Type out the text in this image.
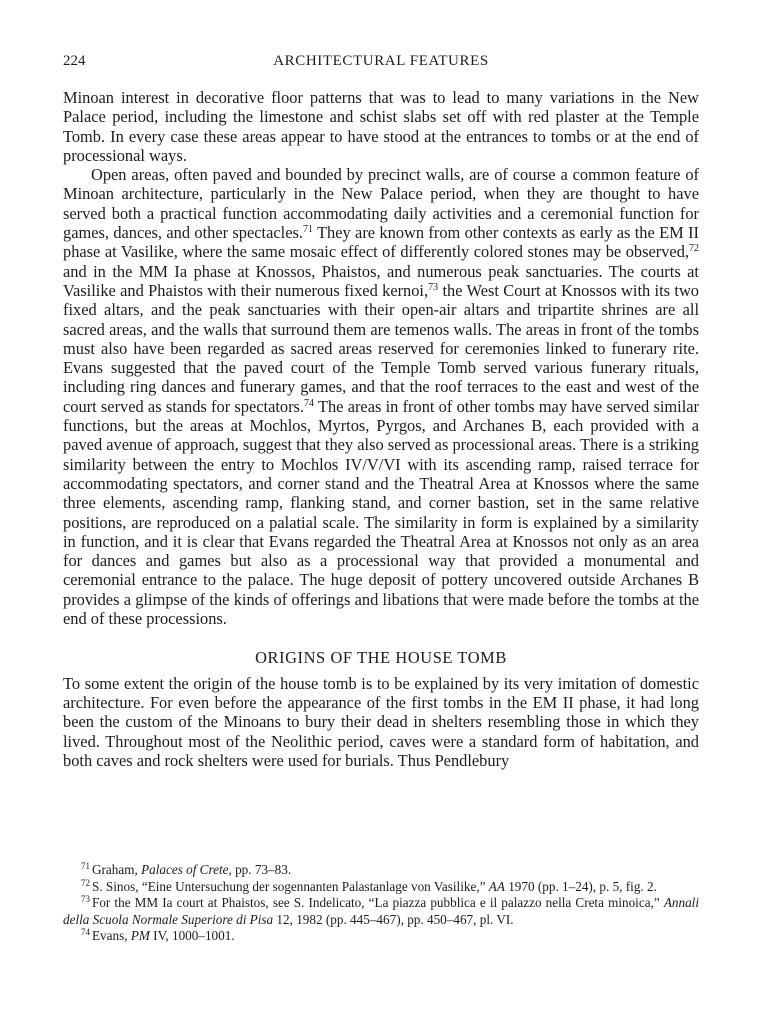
224	ARCHITECTURAL FEATURES

Minoan interest in decorative floor patterns that was to lead to many variations in the New Palace period, including the limestone and schist slabs set off with red plaster at the Temple Tomb. In every case these areas appear to have stood at the entrances to tombs or at the end of processional ways.

Open areas, often paved and bounded by precinct walls, are of course a common feature of Minoan architecture, particularly in the New Palace period, when they are thought to have served both a practical function accommodating daily activities and a ceremonial function for games, dances, and other spectacles.$^{71}$ They are known from other contexts as early as the EM II phase at Vasilike, where the same mosaic effect of differently colored stones may be observed,$^{72}$ and in the MM Ia phase at Knossos, Phaistos, and numerous peak sanctuaries. The courts at Vasilike and Phaistos with their numerous fixed kernoi,$^{73}$ the West Court at Knossos with its two fixed altars, and the peak sanctuaries with their open-air altars and tripartite shrines are all sacred areas, and the walls that surround them are temenos walls. The areas in front of the tombs must also have been regarded as sacred areas reserved for ceremonies linked to funerary rite. Evans suggested that the paved court of the Temple Tomb served various funerary rituals, including ring dances and funerary games, and that the roof terraces to the east and west of the court served as stands for spectators.$^{74}$ The areas in front of other tombs may have served similar functions, but the areas at Mochlos, Myrtos, Pyrgos, and Archanes B, each provided with a paved avenue of approach, suggest that they also served as processional areas. There is a striking similarity between the entry to Mochlos IV/V/VI with its ascending ramp, raised terrace for accommodating spectators, and corner stand and the Theatral Area at Knossos where the same three elements, ascending ramp, flanking stand, and corner bastion, set in the same relative positions, are reproduced on a palatial scale. The similarity in form is explained by a similarity in function, and it is clear that Evans regarded the Theatral Area at Knossos not only as an area for dances and games but also as a processional way that provided a monumental and ceremonial entrance to the palace. The huge deposit of pottery uncovered outside Archanes B provides a glimpse of the kinds of offerings and libations that were made before the tombs at the end of these processions.

ORIGINS OF THE HOUSE TOMB

To some extent the origin of the house tomb is to be explained by its very imitation of domestic architecture. For even before the appearance of the first tombs in the EM II phase, it had long been the custom of the Minoans to bury their dead in shelters resembling those in which they lived. Throughout most of the Neolithic period, caves were a standard form of habitation, and both caves and rock shelters were used for burials. Thus Pendlebury

$^{71}$ Graham, Palaces of Crete, pp. 73–83.

$^{72}$ S. Sinos, “Eine Untersuchung der sogennanten Palastanlage von Vasilike,” AA 1970 (pp. 1–24), p. 5, fig. 2.

$^{73}$ For the MM Ia court at Phaistos, see S. Indelicato, “La piazza pubblica e il palazzo nella Creta minoica,” Annali della Scuola Normale Superiore di Pisa 12, 1982 (pp. 445–467), pp. 450–467, pl. VI.

$^{74}$ Evans, PM IV, 1000–1001.
